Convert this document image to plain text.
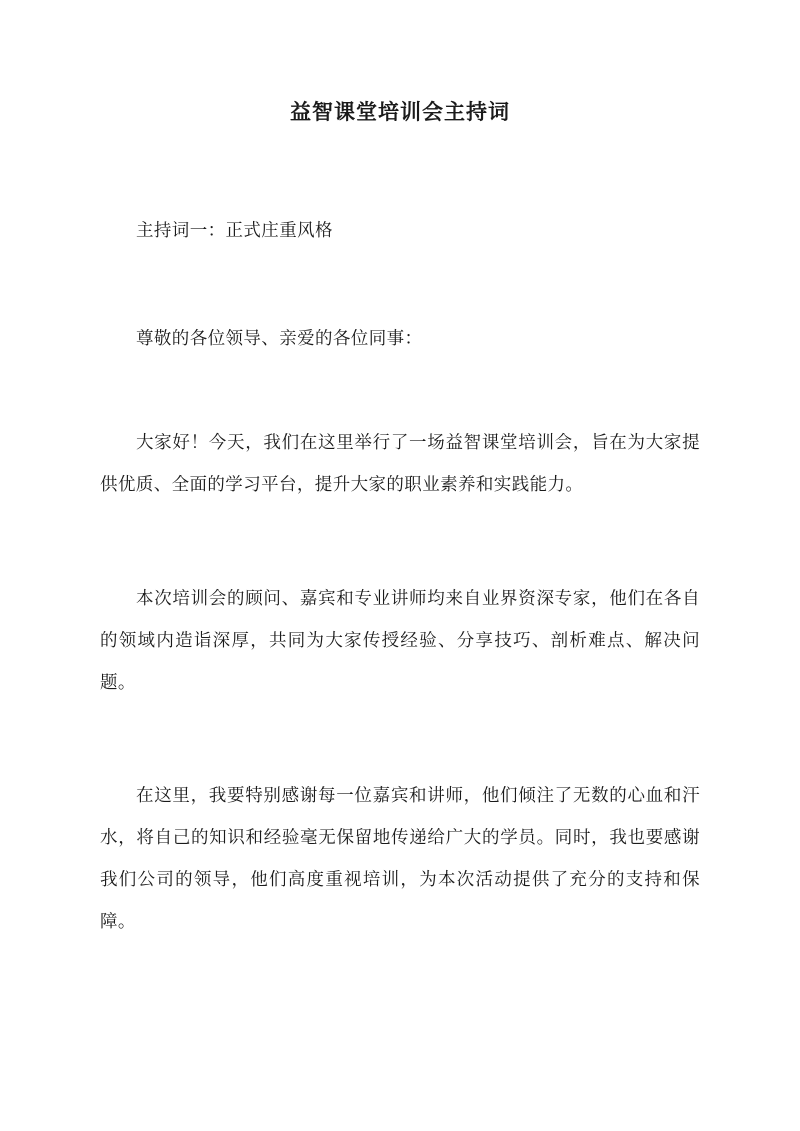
益智课堂培训会主持词

主持词一：正式庄重风格

尊敬的各位领导、亲爱的各位同事：

大家好！今天，我们在这里举行了一场益智课堂培训会，旨在为大家提供优质、全面的学习平台，提升大家的职业素养和实践能力。

本次培训会的顾问、嘉宾和专业讲师均来自业界资深专家，他们在各自的领域内造诣深厚，共同为大家传授经验、分享技巧、剖析难点、解决问题。

在这里，我要特别感谢每一位嘉宾和讲师，他们倾注了无数的心血和汗水，将自己的知识和经验毫无保留地传递给广大的学员。同时，我也要感谢我们公司的领导，他们高度重视培训，为本次活动提供了充分的支持和保障。
